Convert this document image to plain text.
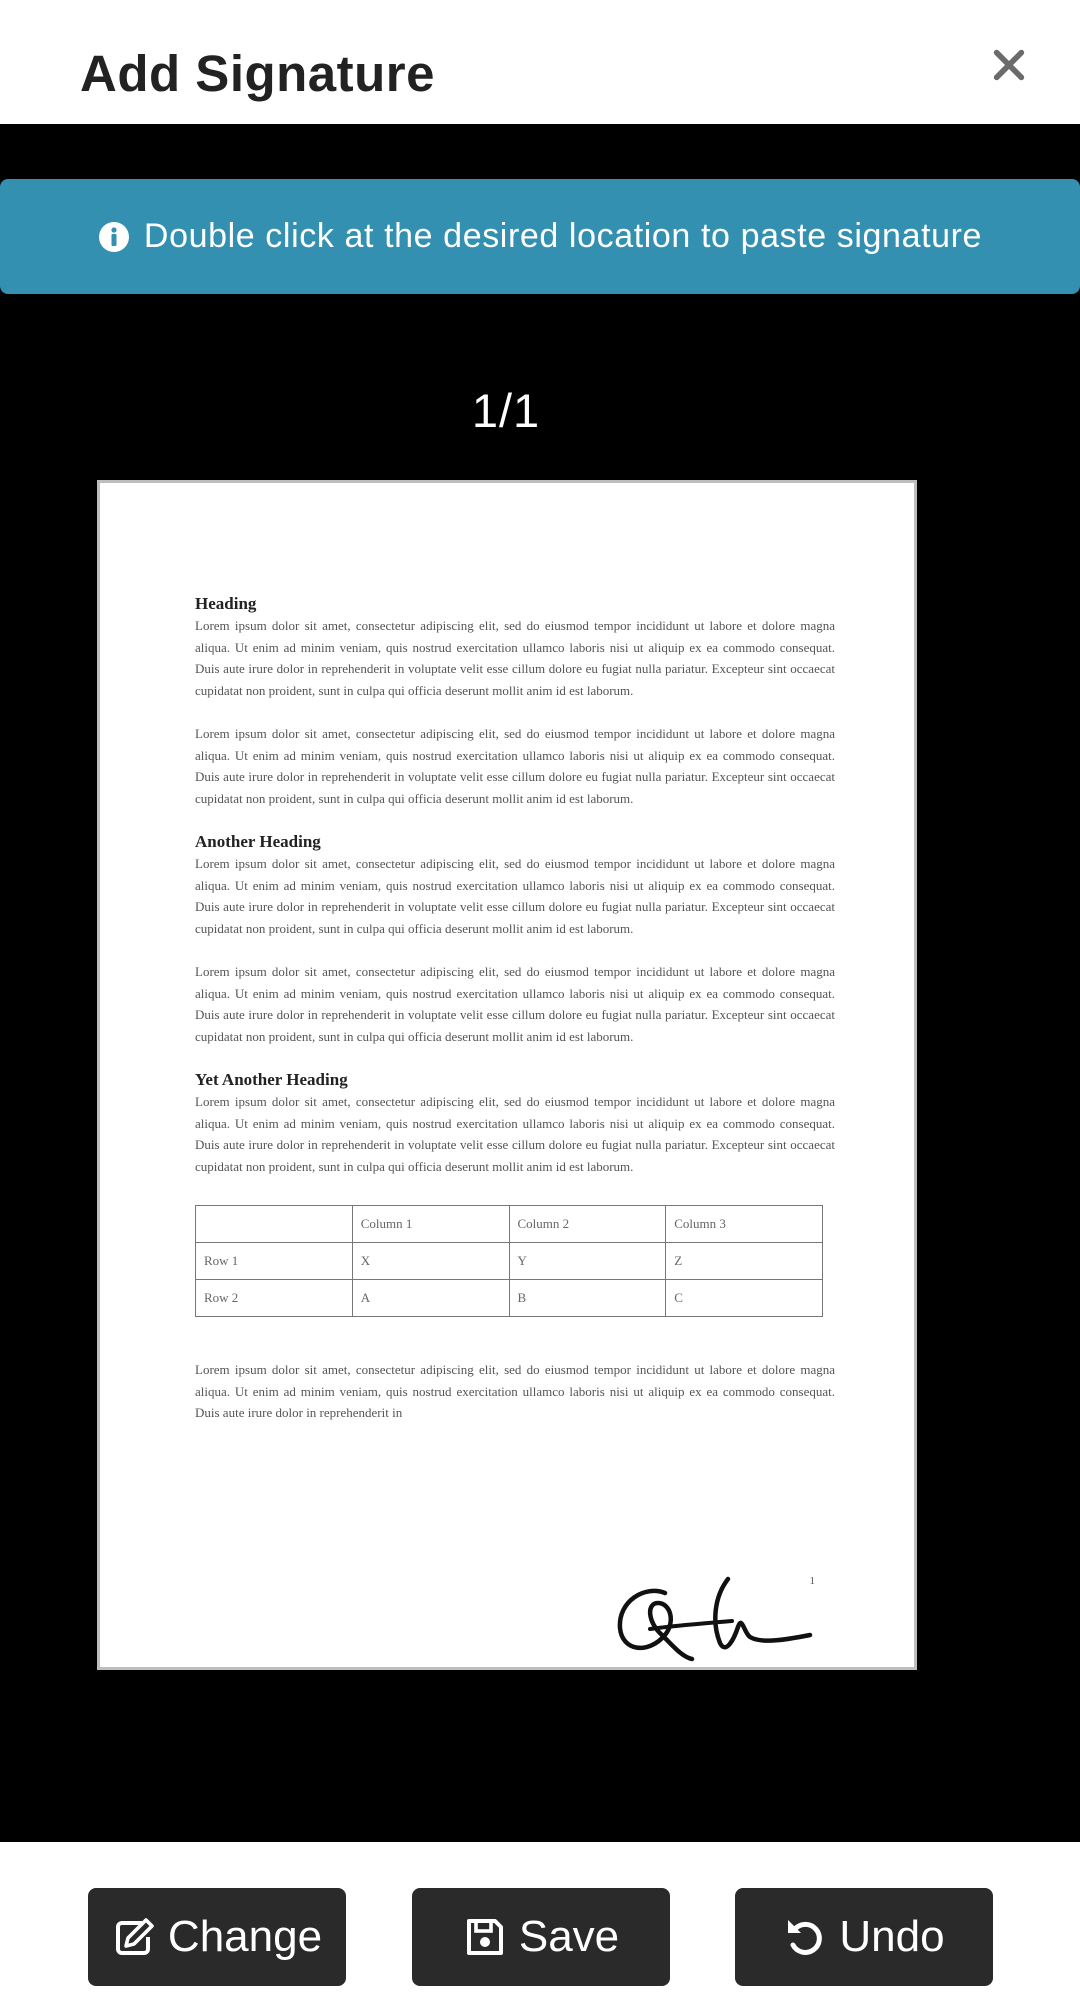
Add Signature
Double click at the desired location to paste signature
1/1
Heading

Lorem ipsum dolor sit amet, consectetur adipiscing elit, sed do eiusmod tempor incididunt ut labore et dolore magna aliqua. Ut enim ad minim veniam, quis nostrud exercitation ullamco laboris nisi ut aliquip ex ea commodo consequat. Duis aute irure dolor in reprehenderit in voluptate velit esse cillum dolore eu fugiat nulla pariatur. Excepteur sint occaecat cupidatat non proident, sunt in culpa qui officia deserunt mollit anim id est laborum.

Lorem ipsum dolor sit amet, consectetur adipiscing elit, sed do eiusmod tempor incididunt ut labore et dolore magna aliqua. Ut enim ad minim veniam, quis nostrud exercitation ullamco laboris nisi ut aliquip ex ea commodo consequat. Duis aute irure dolor in reprehenderit in voluptate velit esse cillum dolore eu fugiat nulla pariatur. Excepteur sint occaecat cupidatat non proident, sunt in culpa qui officia deserunt mollit anim id est laborum.

Another Heading

Lorem ipsum dolor sit amet, consectetur adipiscing elit, sed do eiusmod tempor incididunt ut labore et dolore magna aliqua. Ut enim ad minim veniam, quis nostrud exercitation ullamco laboris nisi ut aliquip ex ea commodo consequat. Duis aute irure dolor in reprehenderit in voluptate velit esse cillum dolore eu fugiat nulla pariatur. Excepteur sint occaecat cupidatat non proident, sunt in culpa qui officia deserunt mollit anim id est laborum.

Lorem ipsum dolor sit amet, consectetur adipiscing elit, sed do eiusmod tempor incididunt ut labore et dolore magna aliqua. Ut enim ad minim veniam, quis nostrud exercitation ullamco laboris nisi ut aliquip ex ea commodo consequat. Duis aute irure dolor in reprehenderit in voluptate velit esse cillum dolore eu fugiat nulla pariatur. Excepteur sint occaecat cupidatat non proident, sunt in culpa qui officia deserunt mollit anim id est laborum.

Yet Another Heading

Lorem ipsum dolor sit amet, consectetur adipiscing elit, sed do eiusmod tempor incididunt ut labore et dolore magna aliqua. Ut enim ad minim veniam, quis nostrud exercitation ullamco laboris nisi ut aliquip ex ea commodo consequat. Duis aute irure dolor in reprehenderit in voluptate velit esse cillum dolore eu fugiat nulla pariatur. Excepteur sint occaecat cupidatat non proident, sunt in culpa qui officia deserunt mollit anim id est laborum.

	Column 1	Column 2	Column 3
Row 1	X	Y	Z
Row 2	A	B	C

Lorem ipsum dolor sit amet, consectetur adipiscing elit, sed do eiusmod tempor incididunt ut labore et dolore magna aliqua. Ut enim ad minim veniam, quis nostrud exercitation ullamco laboris nisi ut aliquip ex ea commodo consequat. Duis aute irure dolor in reprehenderit in

1
Change	Save	Undo
